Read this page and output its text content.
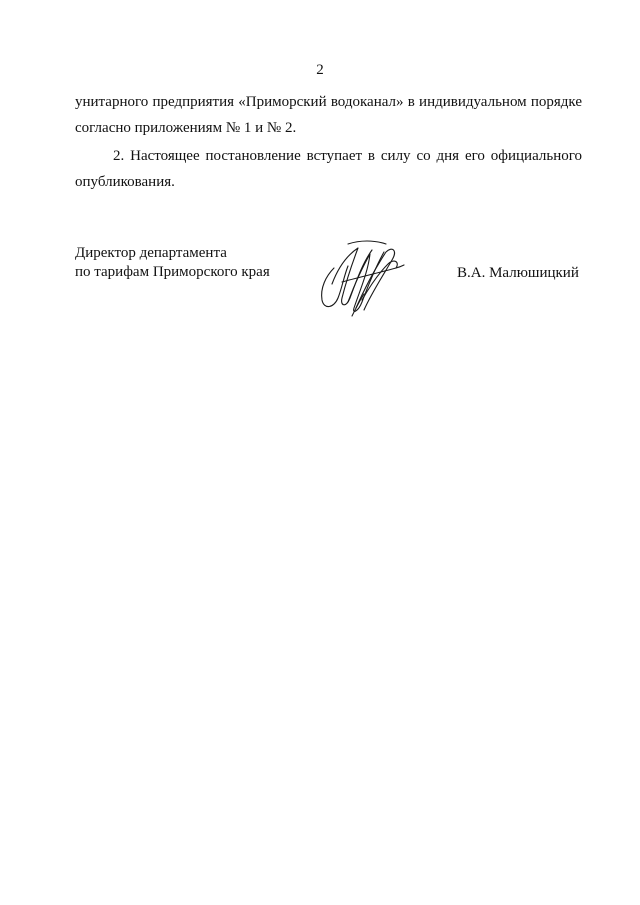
2
унитарного предприятия «Приморский водоканал» в индивидуальном порядке
согласно приложениям № 1 и № 2.
2. Настоящее постановление вступает в силу со дня его официального
опубликования.
Директор департамента
по тарифам Приморского края	В.А. Малюшицкий
